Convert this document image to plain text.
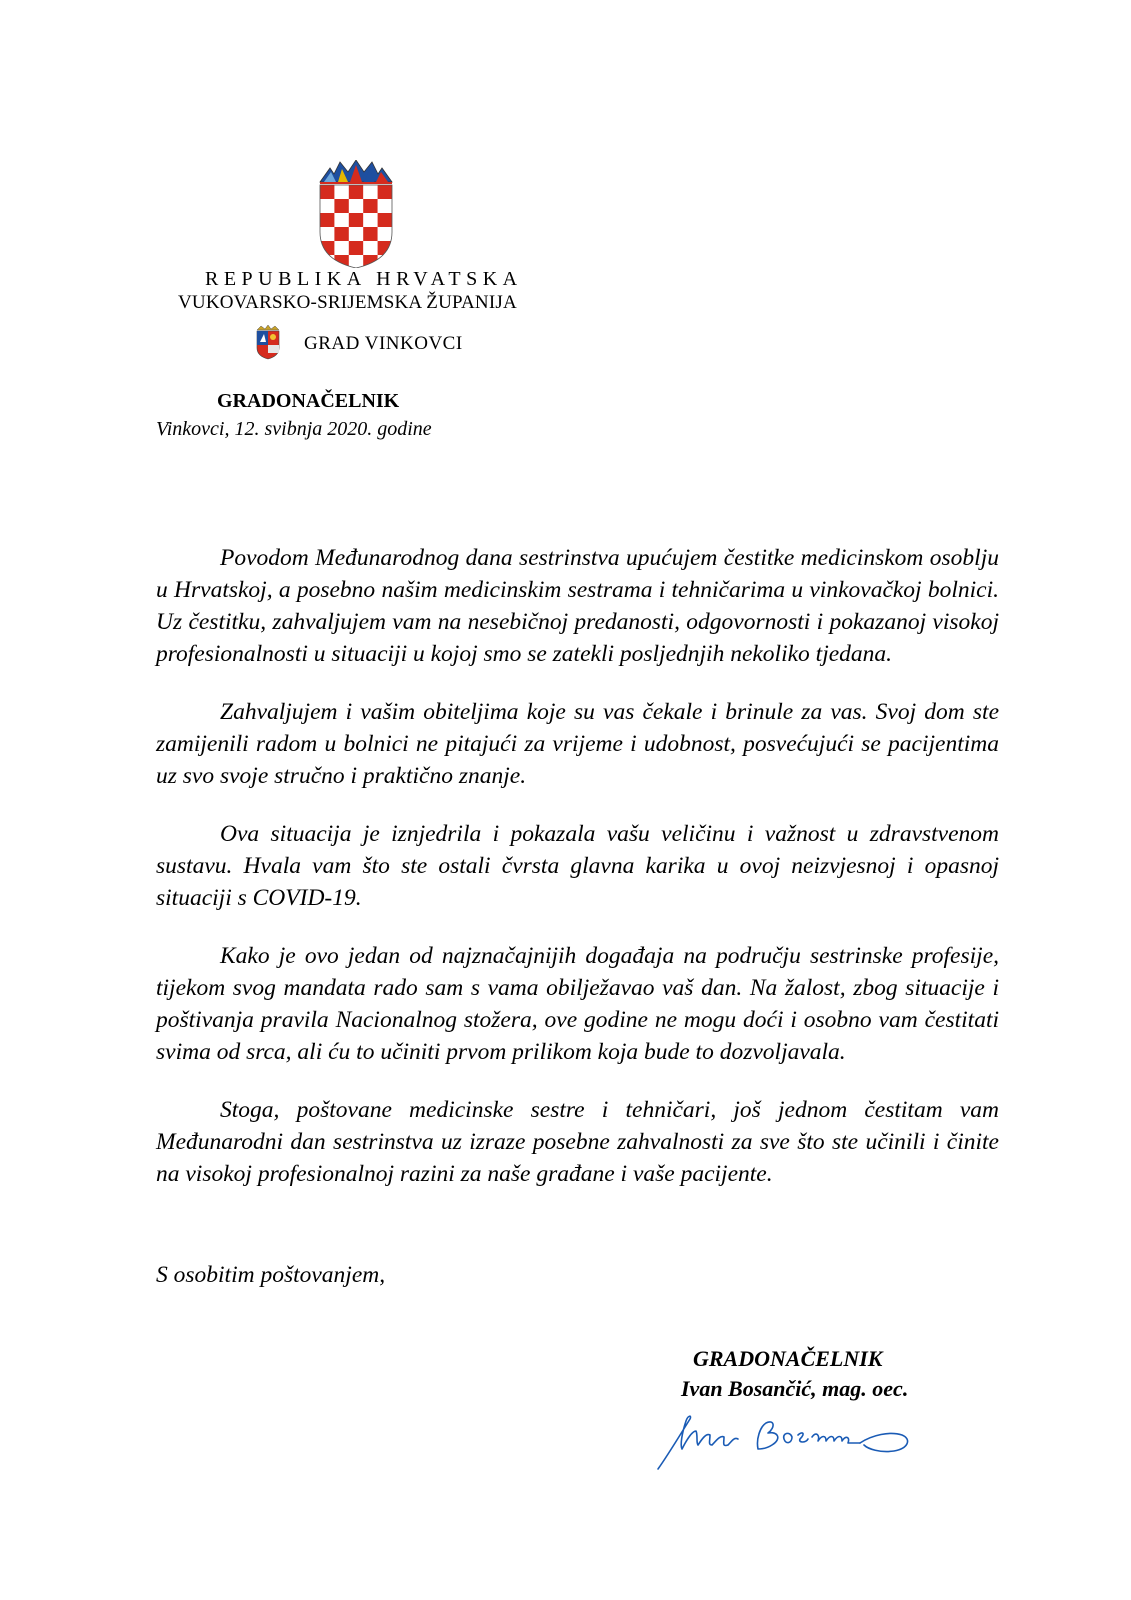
REPUBLIKA HRVATSKA
VUKOVARSKO-SRIJEMSKA ŽUPANIJA
GRAD VINKOVCI
GRADONAČELNIK
Vinkovci, 12. svibnja 2020. godine

Povodom Međunarodnog dana sestrinstva upućujem čestitke medicinskom osoblju u Hrvatskoj, a posebno našim medicinskim sestrama i tehničarima u vinkovačkoj bolnici. Uz čestitku, zahvaljujem vam na nesebičnoj predanosti, odgovornosti i pokazanoj visokoj profesionalnosti u situaciji u kojoj smo se zatekli posljednjih nekoliko tjedana.

Zahvaljujem i vašim obiteljima koje su vas čekale i brinule za vas. Svoj dom ste zamijenili radom u bolnici ne pitajući za vrijeme i udobnost, posvećujući se pacijentima uz svo svoje stručno i praktično znanje.

Ova situacija je iznjedrila i pokazala vašu veličinu i važnost u zdravstvenom sustavu. Hvala vam što ste ostali čvrsta glavna karika u ovoj neizvjesnoj i opasnoj situaciji s COVID-19.

Kako je ovo jedan od najznačajnijih događaja na području sestrinske profesije, tijekom svog mandata rado sam s vama obilježavao vaš dan. Na žalost, zbog situacije i poštivanja pravila Nacionalnog stožera, ove godine ne mogu doći i osobno vam čestitati svima od srca, ali ću to učiniti prvom prilikom koja bude to dozvoljavala.

Stoga, poštovane medicinske sestre i tehničari, još jednom čestitam vam Međunarodni dan sestrinstva uz izraze posebne zahvalnosti za sve što ste učinili i činite na visokoj profesionalnoj razini za naše građane i vaše pacijente.

S osobitim poštovanjem,
GRADONAČELNIK
Ivan Bosančić, mag. oec.
